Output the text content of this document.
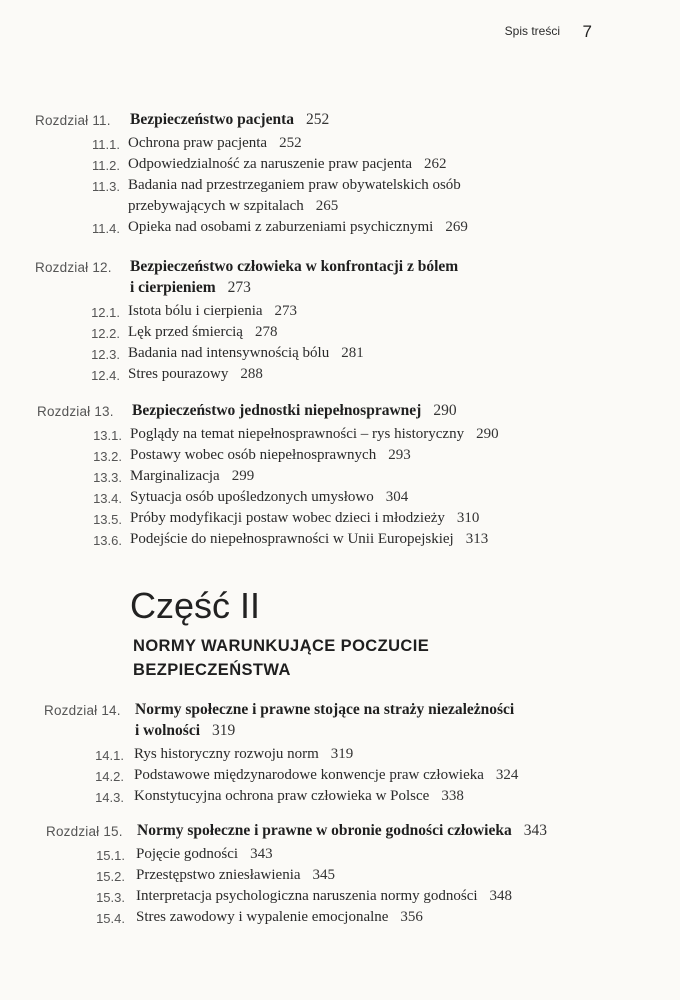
Spis treści	7
Rozdział 11. Bezpieczeństwo pacjenta 252
11.1. Ochrona praw pacjenta 252
11.2. Odpowiedzialność za naruszenie praw pacjenta 262
11.3. Badania nad przestrzeganiem praw obywatelskich osób
przebywających w szpitalach 265
11.4. Opieka nad osobami z zaburzeniami psychicznymi 269
Rozdział 12. Bezpieczeństwo człowieka w konfrontacji z bólem
i cierpieniem 273
12.1. Istota bólu i cierpienia 273
12.2. Lęk przed śmiercią 278
12.3. Badania nad intensywnością bólu 281
12.4. Stres pourazowy 288
Rozdział 13. Bezpieczeństwo jednostki niepełnosprawnej 290
13.1. Poglądy na temat niepełnosprawności – rys historyczny 290
13.2. Postawy wobec osób niepełnosprawnych 293
13.3. Marginalizacja 299
13.4. Sytuacja osób upośledzonych umysłowo 304
13.5. Próby modyfikacji postaw wobec dzieci i młodzieży 310
13.6. Podejście do niepełnosprawności w Unii Europejskiej 313
Rozdział 14. Normy społeczne i prawne stojące na straży niezależności
i wolności 319
14.1. Rys historyczny rozwoju norm 319
14.2. Podstawowe międzynarodowe konwencje praw człowieka 324
14.3. Konstytucyjna ochrona praw człowieka w Polsce 338
Rozdział 15. Normy społeczne i prawne w obronie godności człowieka 343
15.1. Pojęcie godności 343
15.2. Przestępstwo zniesławienia 345
15.3. Interpretacja psychologiczna naruszenia normy godności 348
15.4. Stres zawodowy i wypalenie emocjonalne 356
Część II
NORMY WARUNKUJĄCE POCZUCIE
BEZPIECZEŃSTWA
